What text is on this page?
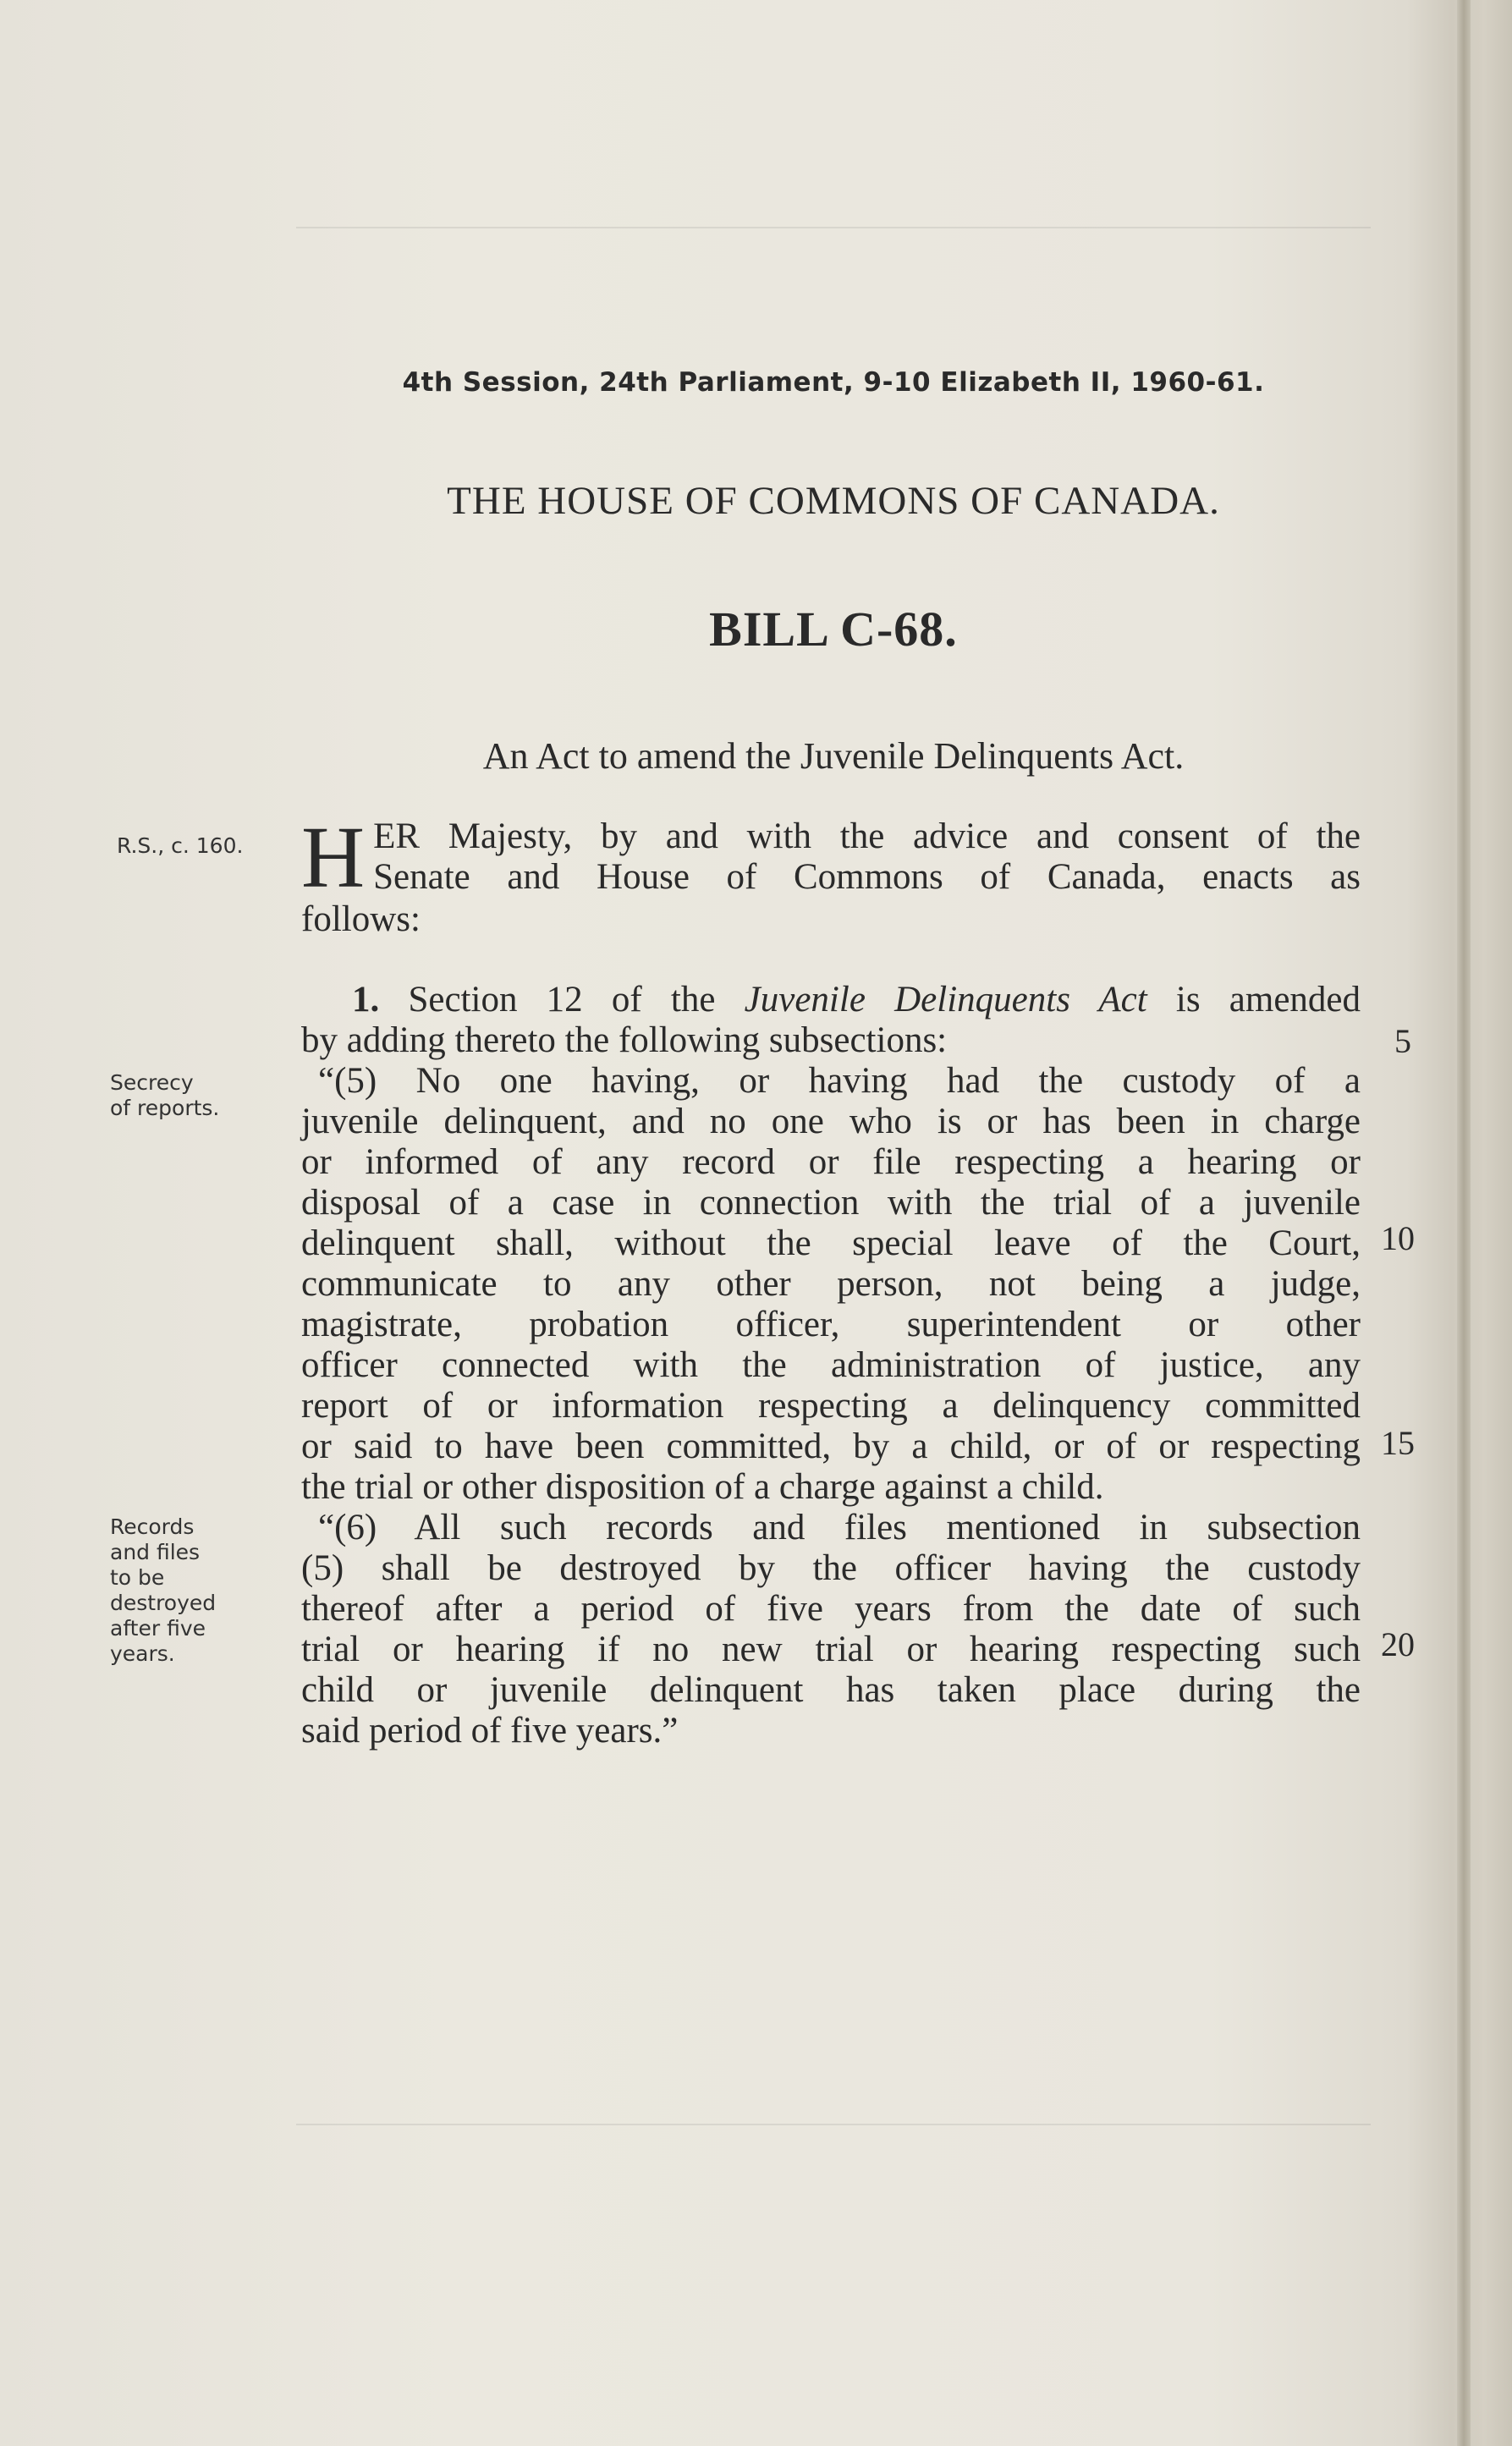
4th Session, 24th Parliament, 9-10 Elizabeth II, 1960-61.
THE HOUSE OF COMMONS OF CANADA.
BILL C-68.
An Act to amend the Juvenile Delinquents Act.
R.S., c. 160.
Secrecy
of reports.
Records
and files
to be
destroyed
after five
years.
5
10
15
20
H ER Majesty, by and with the advice and consent of the
Senate and House of Commons of Canada, enacts as
follows:
1. Section 12 of the Juvenile Delinquents Act is amended
by adding thereto the following subsections:
“(5) No one having, or having had the custody of a
juvenile delinquent, and no one who is or has been in charge
or informed of any record or file respecting a hearing or
disposal of a case in connection with the trial of a juvenile
delinquent shall, without the special leave of the Court,
communicate to any other person, not being a judge,
magistrate, probation officer, superintendent or other
officer connected with the administration of justice, any
report of or information respecting a delinquency committed
or said to have been committed, by a child, or of or respecting
the trial or other disposition of a charge against a child.
“(6) All such records and files mentioned in subsection
(5) shall be destroyed by the officer having the custody
thereof after a period of five years from the date of such
trial or hearing if no new trial or hearing respecting such
child or juvenile delinquent has taken place during the
said period of five years.”
